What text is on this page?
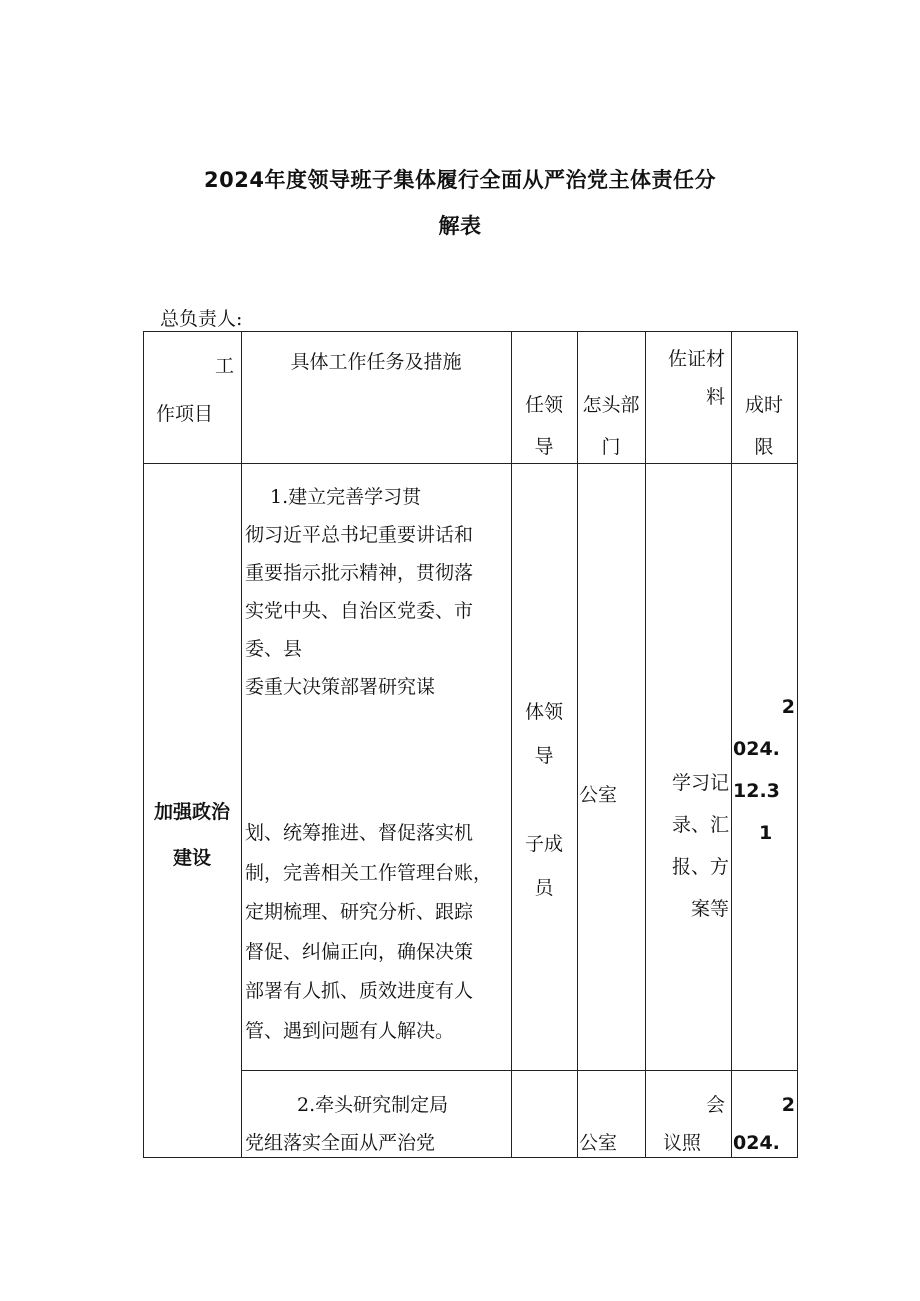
2024年度领导班子集体履行全面从严治党主体责任分
解表
总负责人:
工
作项目
具体工作任务及措施
任领
导
怎头部
门
佐证材
料	成时
限
加强政治
建设
1.建立完善学习贯
彻习近平总书圮重要讲话和
重要指示批示精神，贯彻落
实党中央、自治区党委、市
委、县
委重大决策部署研究谋
划、统筹推进、督促落实机
制，完善相关工作管理台账，
定期梳理、研究分析、跟踪
督促、纠偏正向，确保决策
部署有人抓、质效进度有人
管、遇到问题有人解决。
体领
导
子成
员
公室
学习记
录、汇
报、方
案等
2
024.
12.3
1
2.牵头研究制定局
党组落实全面从严治党	公室
会
议照
2
024.
